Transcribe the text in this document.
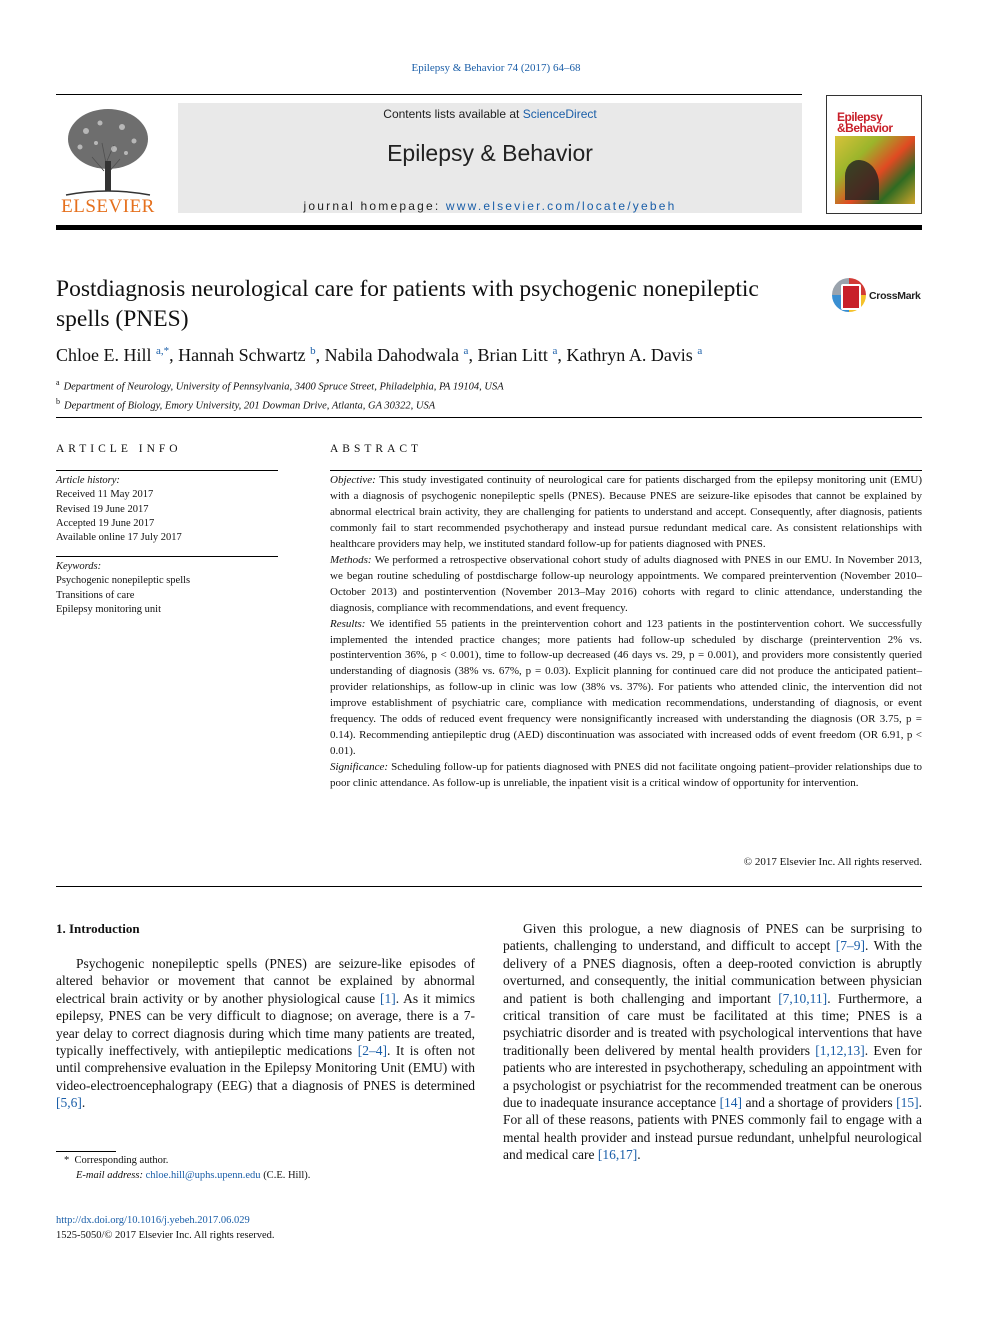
Epilepsy & Behavior 74 (2017) 64–68
ELSEVIER
Contents lists available at ScienceDirect
Epilepsy & Behavior
journal homepage: www.elsevier.com/locate/yebeh
Epilepsy
&Behavior
Postdiagnosis neurological care for patients with psychogenic nonepileptic spells (PNES)
CrossMark
Chloe E. Hill $^{a,*}$, Hannah Schwartz $^b$, Nabila Dahodwala $^a$, Brian Litt $^a$, Kathryn A. Davis $^a$
$^a$ Department of Neurology, University of Pennsylvania, 3400 Spruce Street, Philadelphia, PA 19104, USA
$^b$ Department of Biology, Emory University, 201 Dowman Drive, Atlanta, GA 30322, USA
ARTICLE INFO	ABSTRACT
Article history:
Received 11 May 2017
Revised 19 June 2017
Accepted 19 June 2017
Available online 17 July 2017
Keywords:
Psychogenic nonepileptic spells
Transitions of care
Epilepsy monitoring unit

Objective: This study investigated continuity of neurological care for patients discharged from the epilepsy monitoring unit (EMU) with a diagnosis of psychogenic nonepileptic spells (PNES). Because PNES are seizure-like episodes that cannot be explained by abnormal electrical brain activity, they are challenging for patients to understand and accept. Consequently, after diagnosis, patients commonly fail to start recommended psychotherapy and instead pursue redundant medical care. As consistent relationships with healthcare providers may help, we instituted standard follow-up for patients diagnosed with PNES.

Methods: We performed a retrospective observational cohort study of adults diagnosed with PNES in our EMU. In November 2013, we began routine scheduling of postdischarge follow-up neurology appointments. We compared preintervention (November 2010–October 2013) and postintervention (November 2013–May 2016) cohorts with regard to clinic attendance, understanding the diagnosis, compliance with recommendations, and event frequency.

Results: We identified 55 patients in the preintervention cohort and 123 patients in the postintervention cohort. We successfully implemented the intended practice changes; more patients had follow-up scheduled by discharge (preintervention 2% vs. postintervention 36%, p < 0.001), time to follow-up decreased (46 days vs. 29, p = 0.001), and providers more consistently queried understanding of diagnosis (38% vs. 67%, p = 0.03). Explicit planning for continued care did not produce the anticipated patient–provider relationships, as follow-up in clinic was low (38% vs. 37%). For patients who attended clinic, the intervention did not improve establishment of psychiatric care, compliance with medication recommendations, understanding of diagnosis, or event frequency. The odds of reduced event frequency were nonsignificantly increased with understanding the diagnosis (OR 3.75, p = 0.14). Recommending antiepileptic drug (AED) discontinuation was associated with increased odds of event freedom (OR 6.91, p < 0.01).

Significance: Scheduling follow-up for patients diagnosed with PNES did not facilitate ongoing patient–provider relationships due to poor clinic attendance. As follow-up is unreliable, the inpatient visit is a critical window of opportunity for intervention.

© 2017 Elsevier Inc. All rights reserved.
1. Introduction
Psychogenic nonepileptic spells (PNES) are seizure-like episodes of altered behavior or movement that cannot be explained by abnormal electrical brain activity or by another physiological cause [1]. As it mimics epilepsy, PNES can be very difficult to diagnose; on average, there is a 7-year delay to correct diagnosis during which time many patients are treated, typically ineffectively, with antiepileptic medications [2–4]. It is often not until comprehensive evaluation in the Epilepsy Monitoring Unit (EMU) with video-electroencephalograpy (EEG) that a diagnosis of PNES is determined [5,6].
Given this prologue, a new diagnosis of PNES can be surprising to patients, challenging to understand, and difficult to accept [7–9]. With the delivery of a PNES diagnosis, often a deep-rooted conviction is abruptly overturned, and consequently, the initial communication between physician and patient is both challenging and important [7,10,11]. Furthermore, a critical transition of care must be facilitated at this time; PNES is a psychiatric disorder and is treated with psychological interventions that have traditionally been delivered by mental health providers [1,12,13]. Even for patients who are interested in psychotherapy, scheduling an appointment with a psychologist or psychiatrist for the recommended treatment can be onerous due to inadequate insurance acceptance [14] and a shortage of providers [15]. For all of these reasons, patients with PNES commonly fail to engage with a mental health provider and instead pursue redundant, unhelpful neurological and medical care [16,17].
* Corresponding author.
E-mail address: chloe.hill@uphs.upenn.edu (C.E. Hill).
http://dx.doi.org/10.1016/j.yebeh.2017.06.029
1525-5050/© 2017 Elsevier Inc. All rights reserved.
